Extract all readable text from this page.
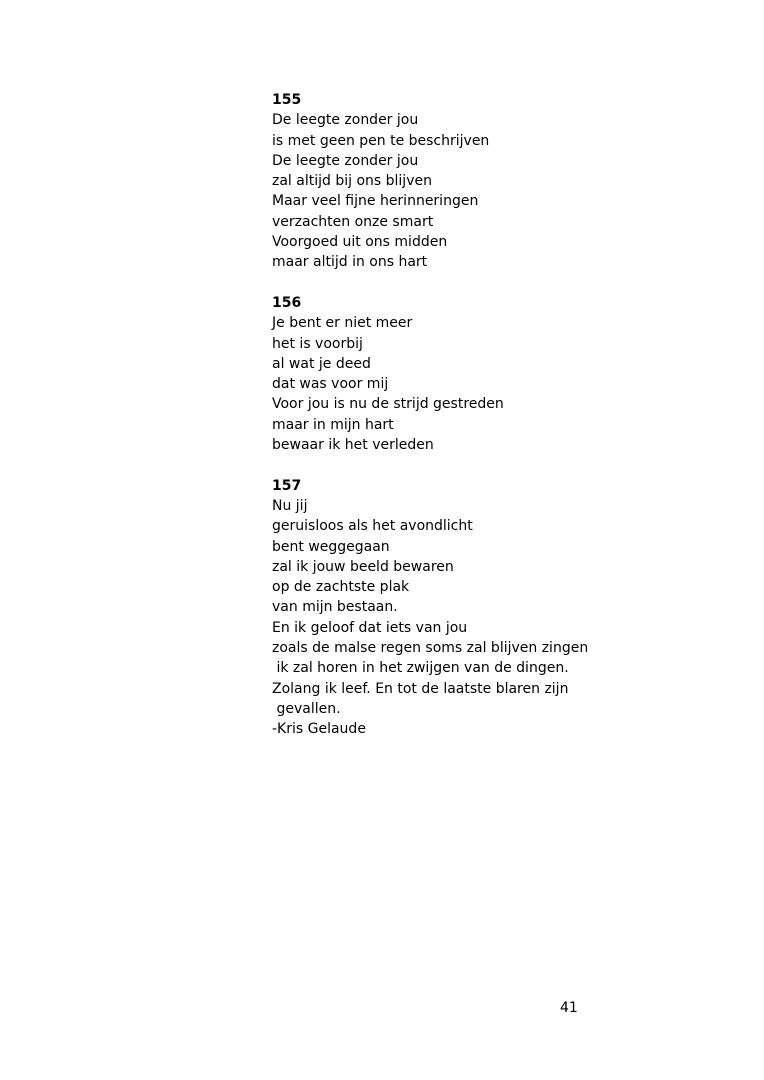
155
De leegte zonder jou
is met geen pen te beschrijven
De leegte zonder jou
zal altijd bij ons blijven
Maar veel fijne herinneringen
verzachten onze smart
Voorgoed uit ons midden
maar altijd in ons hart
156
Je bent er niet meer
het is voorbij
al wat je deed
dat was voor mij
Voor jou is nu de strijd gestreden
maar in mijn hart
bewaar ik het verleden
157
Nu jij
geruisloos als het avondlicht
bent weggegaan
zal ik jouw beeld bewaren
op de zachtste plak
van mijn bestaan.
En ik geloof dat iets van jou
zoals de malse regen soms zal blijven zingen
ik zal horen in het zwijgen van de dingen.
Zolang ik leef. En tot de laatste blaren zijn
gevallen.
-Kris Gelaude
41
